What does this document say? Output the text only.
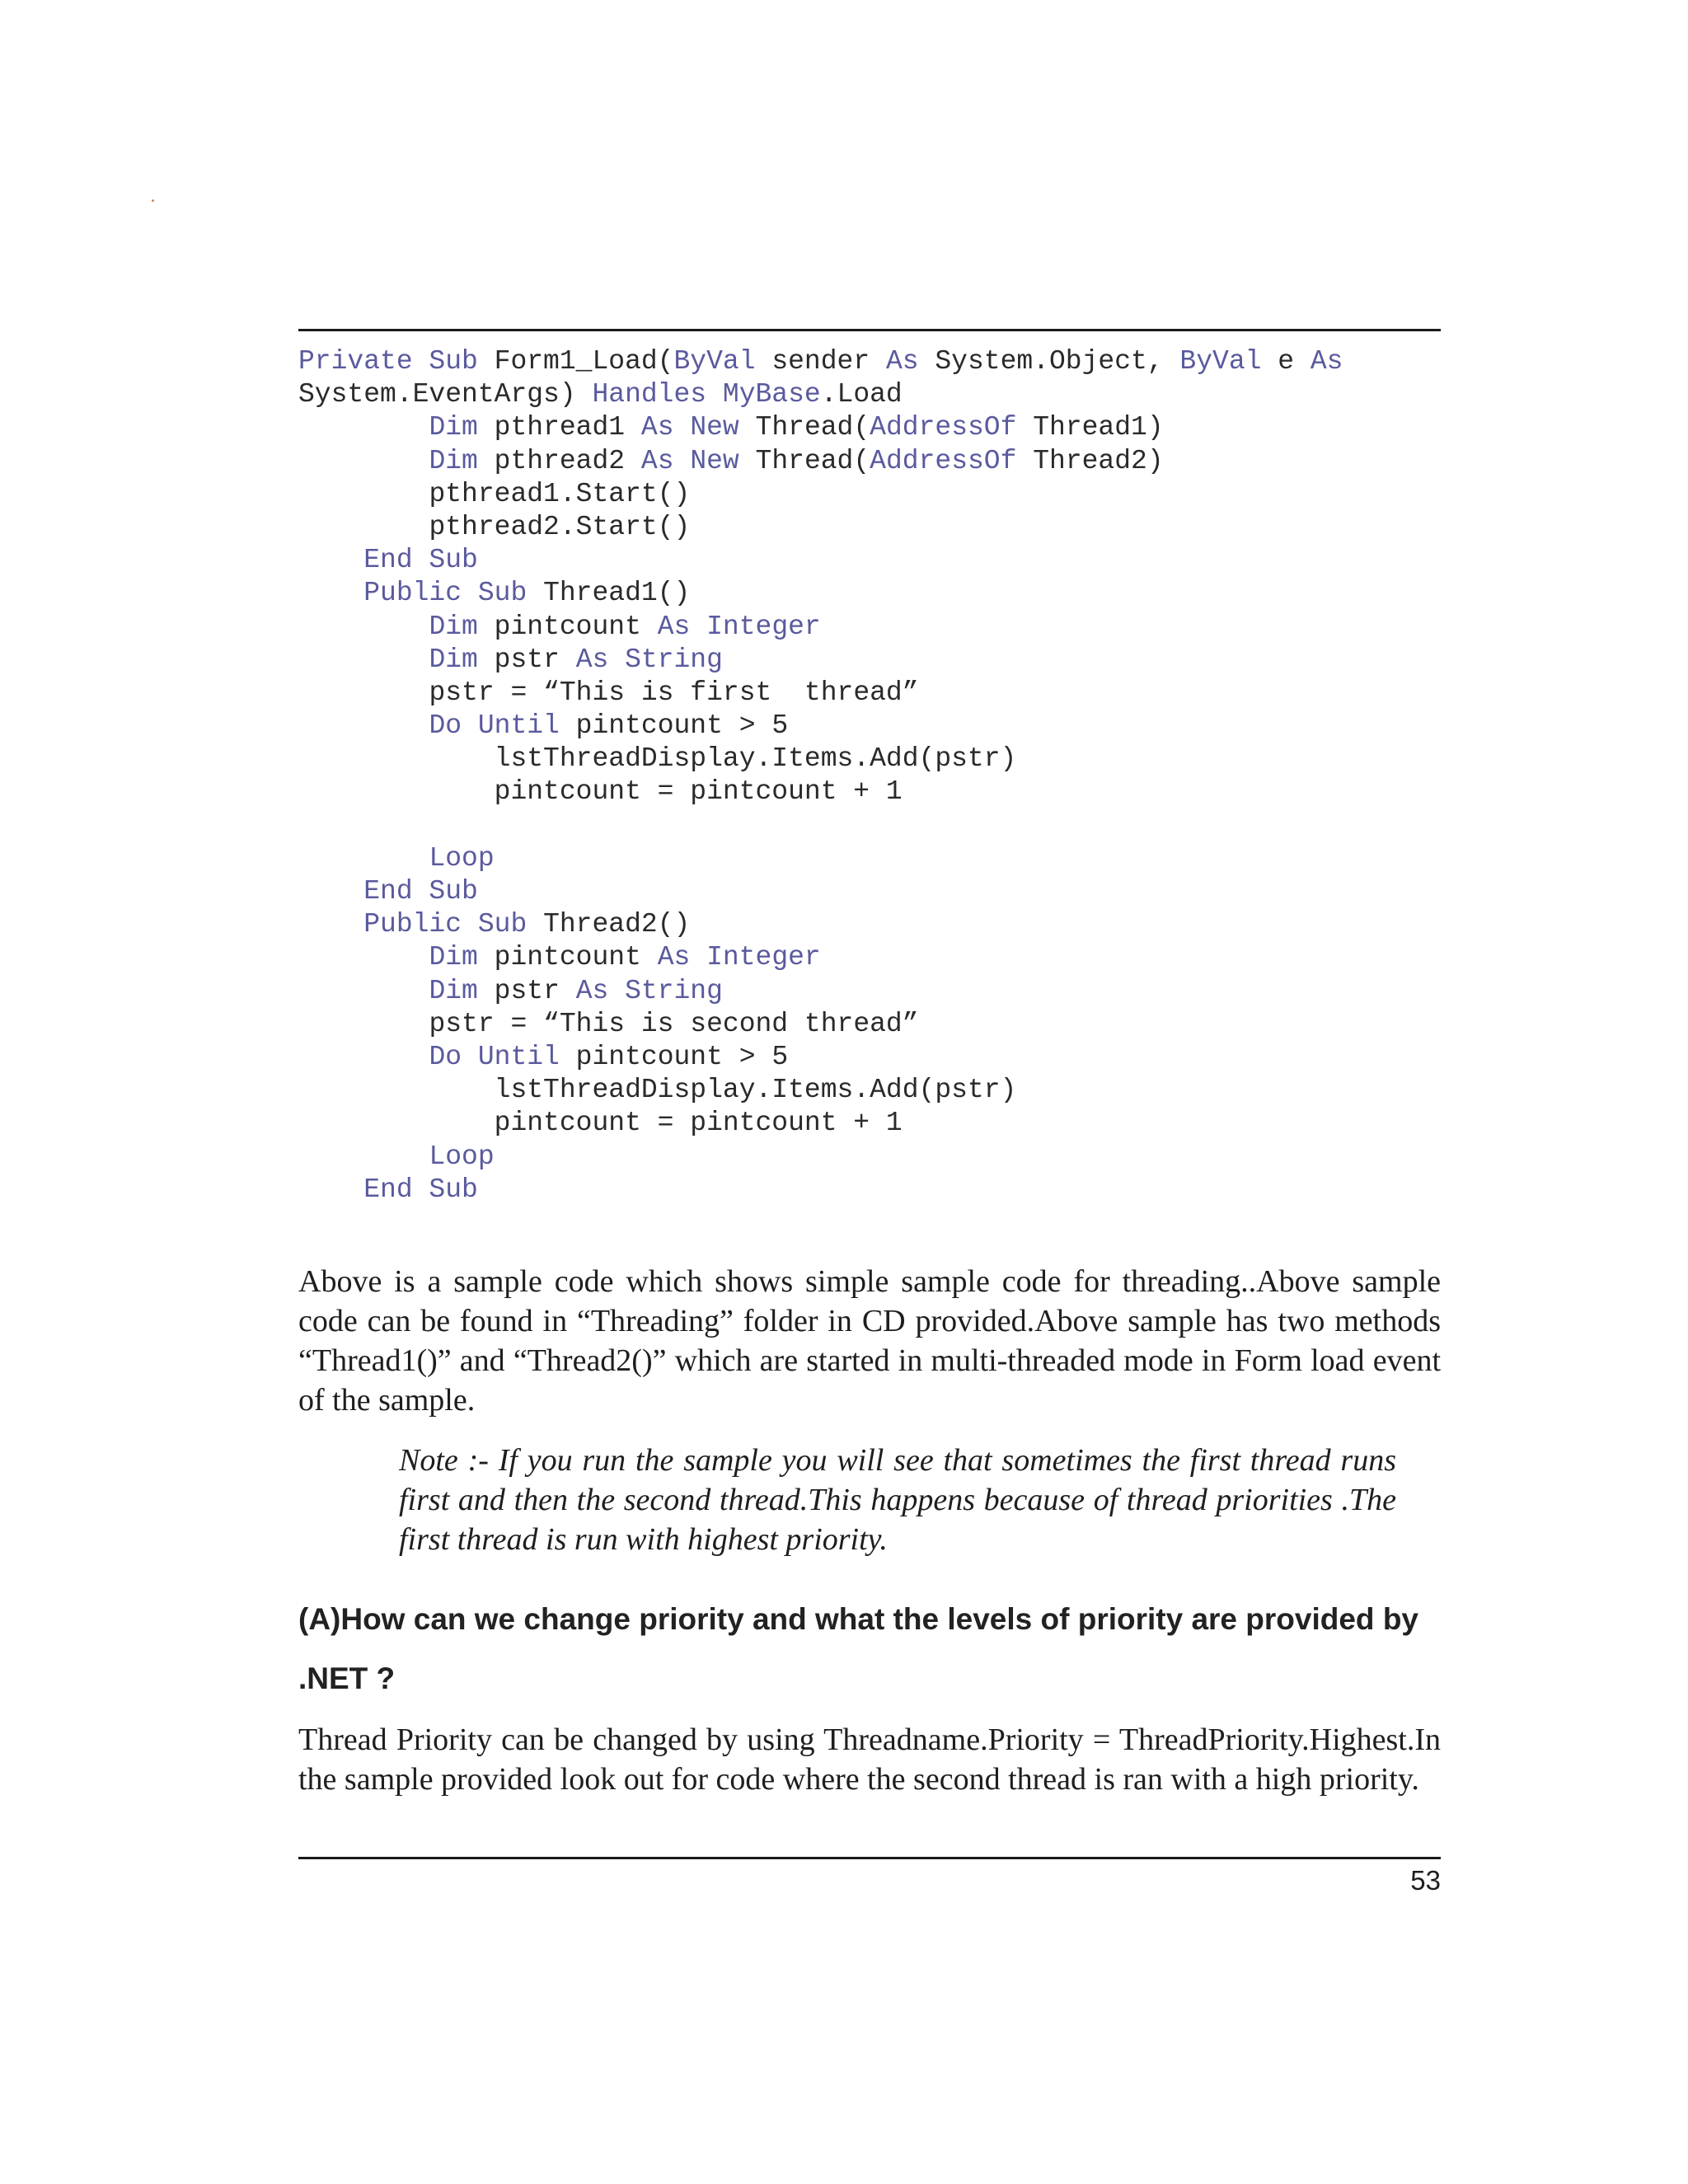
Private Sub Form1_Load(ByVal sender As System.Object, ByVal e As
System.EventArgs) Handles MyBase.Load
Dim pthread1 As New Thread(AddressOf Thread1)
Dim pthread2 As New Thread(AddressOf Thread2)
pthread1.Start()
pthread2.Start()
End Sub
Public Sub Thread1()
Dim pintcount As Integer
Dim pstr As String
pstr = “This is first  thread”
Do Until pintcount > 5
lstThreadDisplay.Items.Add(pstr)
pintcount = pintcount + 1

Loop
End Sub
Public Sub Thread2()
Dim pintcount As Integer
Dim pstr As String
pstr = “This is second thread”
Do Until pintcount > 5
lstThreadDisplay.Items.Add(pstr)
pintcount = pintcount + 1
Loop
End Sub
Above is a sample code which shows simple sample code for threading..Above sample code can be found in “Threading” folder in CD provided.Above sample has two methods “Thread1()” and “Thread2()” which are started in multi-threaded mode in Form load event of the sample.
Note :- If you run the sample you will see that sometimes the first thread runs first and then the second thread.This happens because of thread priorities .The first thread is run with highest priority.
(A)How can we change priority and what the levels of priority are provided by .NET ?
Thread Priority can be changed by using Threadname.Priority = ThreadPriority.Highest.In the sample provided look out for code where the second thread is ran with a high priority.
53
